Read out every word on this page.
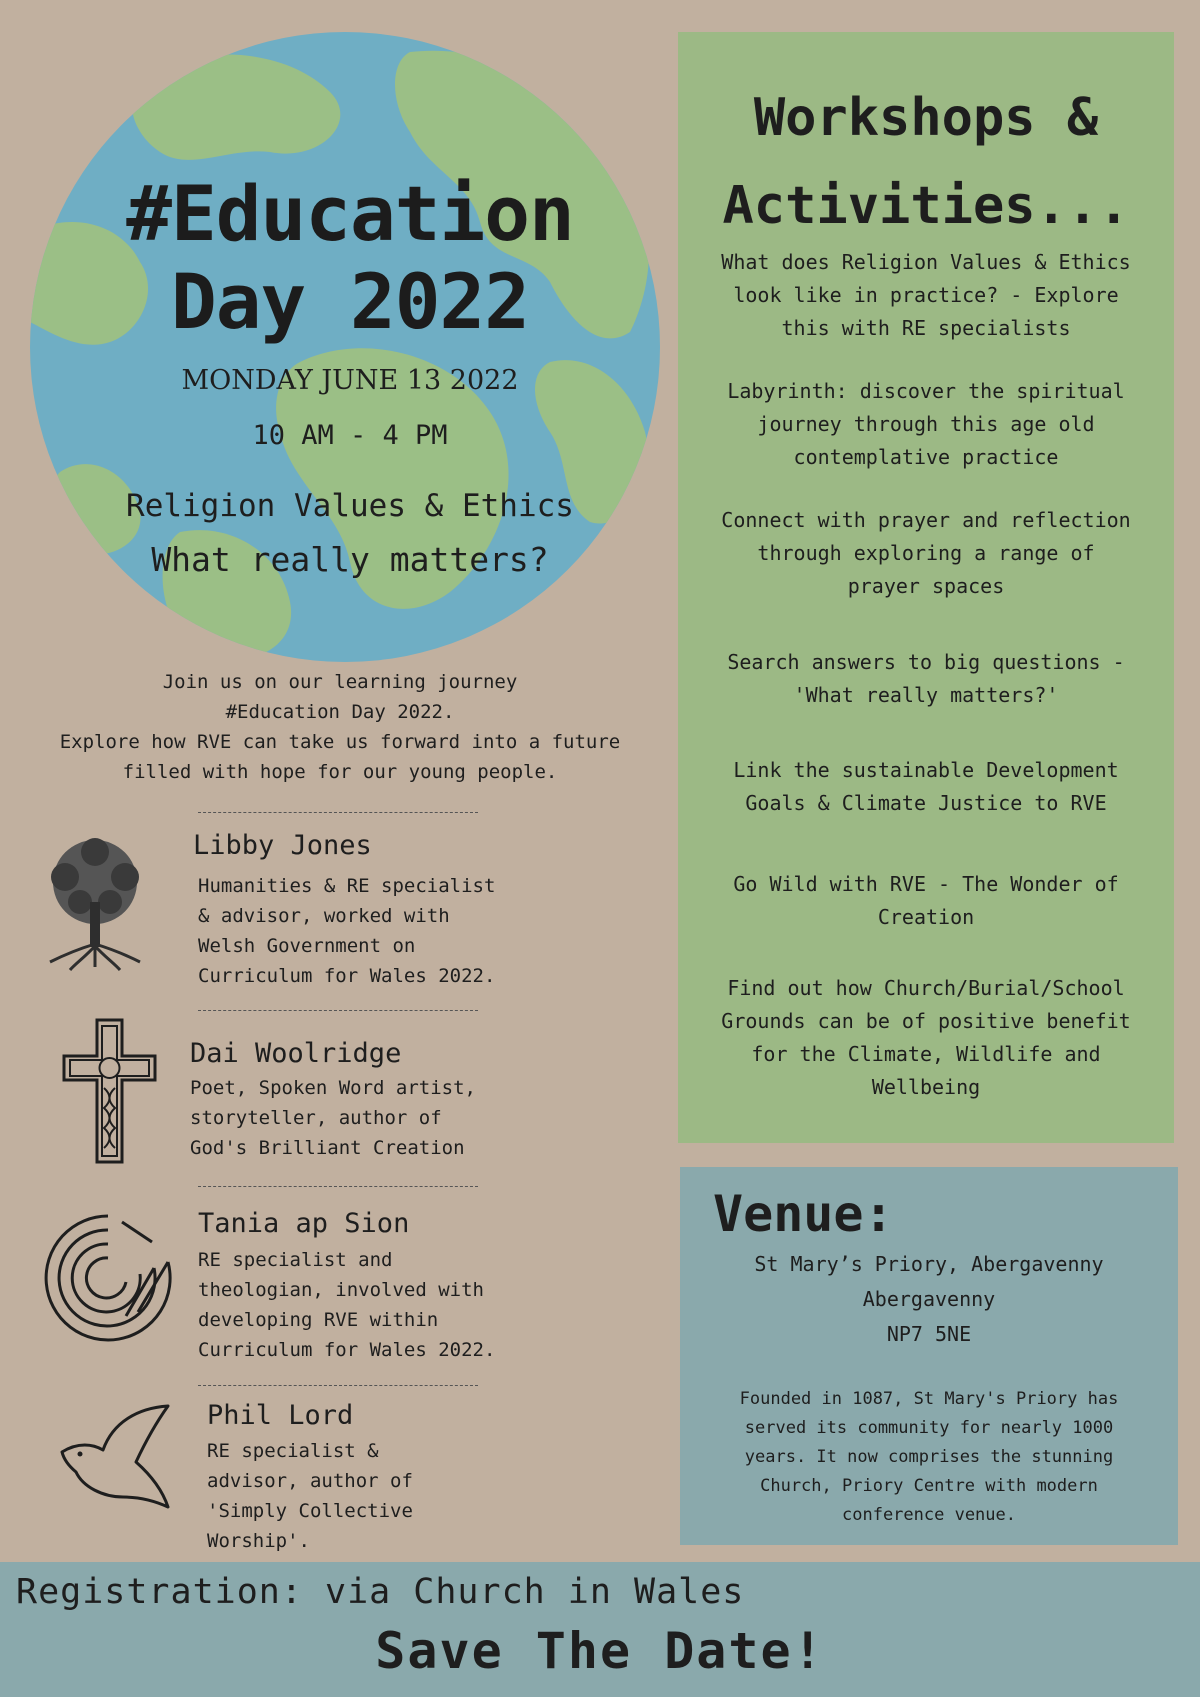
#Education
Day 2022
MONDAY JUNE 13 2022
10 AM - 4 PM
Religion Values & Ethics
What really matters?
Join us on our learning journey
#Education Day 2022.
Explore how RVE can take us forward into a future
filled with hope for our young people.
Libby Jones
Humanities & RE specialist
& advisor, worked with
Welsh Government on
Curriculum for Wales 2022.
Dai Woolridge
Poet, Spoken Word artist,
storyteller, author of
God's Brilliant Creation
Tania ap Sion
RE specialist and
theologian, involved with
developing RVE within
Curriculum for Wales 2022.
Phil Lord
RE specialist &
advisor, author of
'Simply Collective
Worship'.
Workshops &
Activities...
What does Religion Values & Ethics
look like in practice? - Explore
this with RE specialists
Labyrinth: discover the spiritual
journey through this age old
contemplative practice
Connect with prayer and reflection
through exploring a range of
prayer spaces
Search answers to big questions -
'What really matters?'
Link the sustainable Development
Goals & Climate Justice to RVE
Go Wild with RVE - The Wonder of
Creation
Find out how Church/Burial/School
Grounds can be of positive benefit
for the Climate, Wildlife and
Wellbeing
Venue:
St Mary’s Priory, Abergavenny
Abergavenny
NP7 5NE
Founded in 1087, St Mary's Priory has
served its community for nearly 1000
years. It now comprises the stunning
Church, Priory Centre with modern
conference venue.
Registration: via Church in Wales
Save The Date!
